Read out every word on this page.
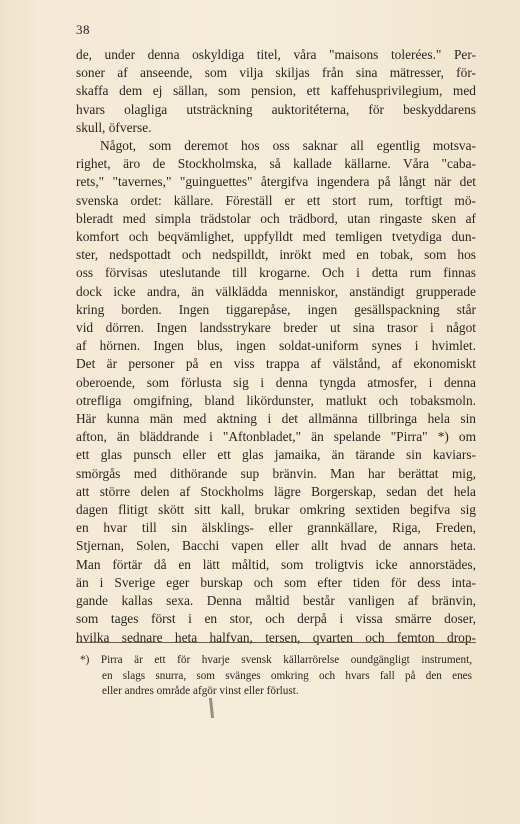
38
de, under denna oskyldiga titel, våra "maisons tolerées." Per-
soner af anseende, som vilja skiljas från sina mätresser, för-
skaffa dem ej sällan, som pension, ett kaffehusprivilegium, med
hvars olagliga utsträckning auktoritéterna, för beskyddarens
skull, öfverse.
Något, som deremot hos oss saknar all egentlig motsva-
righet, äro de Stockholmska, så kallade källarne. Våra "caba-
rets," "tavernes," "guinguettes" återgifva ingendera på långt när det
svenska ordet: källare. Föreställ er ett stort rum, torftigt mö-
bleradt med simpla trädstolar och trädbord, utan ringaste sken af
komfort och beqvämlighet, uppfylldt med temligen tvetydiga dun-
ster, nedspottadt och nedspilldt, inrökt med en tobak, som hos
oss förvisas uteslutande till krogarne. Och i detta rum finnas
dock icke andra, än välklädda menniskor, anständigt grupperade
kring borden. Ingen tiggarepåse, ingen gesällspackning står
vid dörren. Ingen landsstrykare breder ut sina trasor i något
af hörnen. Ingen blus, ingen soldat-uniform synes i hvimlet.
Det är personer på en viss trappa af välstånd, af ekonomiskt
oberoende, som förlusta sig i denna tyngda atmosfer, i denna
otrefliga omgifning, bland likördunster, matlukt och tobaksmoln.
Här kunna män med aktning i det allmänna tillbringa hela sin
afton, än bläddrande i "Aftonbladet," än spelande "Pirra" *) om
ett glas punsch eller ett glas jamaika, än tärande sin kaviars-
smörgås med dithörande sup bränvin. Man har berättat mig,
att större delen af Stockholms lägre Borgerskap, sedan det hela
dagen flitigt skött sitt kall, brukar omkring sextiden begifva sig
en hvar till sin älsklings- eller grannkällare, Riga, Freden,
Stjernan, Solen, Bacchi vapen eller allt hvad de annars heta.
Man förtär då en lätt måltid, som troligtvis icke annorstädes,
än i Sverige eger burskap och som efter tiden för dess inta-
gande kallas sexa. Denna måltid består vanligen af bränvin,
som tages först i en stor, och derpå i vissa smärre doser,
hvilka sednare heta halfvan, tersen, qvarten och femton drop-
*) Pirra är ett för hvarje svensk källarrörelse oundgängligt instrument,
en slags snurra, som svänges omkring och hvars fall på den enes
eller andres område afgör vinst eller förlust.
